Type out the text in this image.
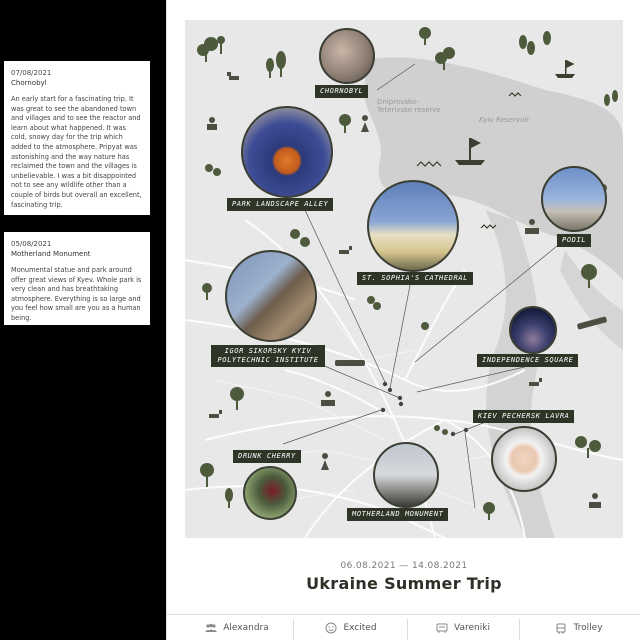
07/08/2021
Chornobyl
An early start for a fascinating trip. It was great to see the abandoned town and villages and to see the reactor and learn about what happened. It was cold, snowy day for the trip which added to the atmosphere. Pripyat was astonishing and the way nature has reclaimed the town and the villages is unbelievable. I was a bit disappointed not to see any wildlife other than a couple of birds but overall an excellent, fascinating trip.
05/08/2021
Motherland Monument
Monumental statue and park around offer great views of Kyev. Whole park is very clean and has breathtaking atmosphere. Everything is so large and you feel how small are you as a human being.
Dniprovsko-Teterivske reserve
Kyiv Reservoir
CHORNOBYL
PARK LANDSCAPE ALLEY
ST. SOPHIA'S CATHEDRAL
PODIL
IGOR SIKORSKY KYIV POLYTECHNIC INSTITUTE	INDEPENDENCE SQUARE
KIEV PECHERSK LAVRA
DRUNK CHERRY
MOTHERLAND MONUMENT
06.08.2021 — 14.08.2021
Ukraine Summer Trip
Alexandra	Excited	Vareniki	Trolley
